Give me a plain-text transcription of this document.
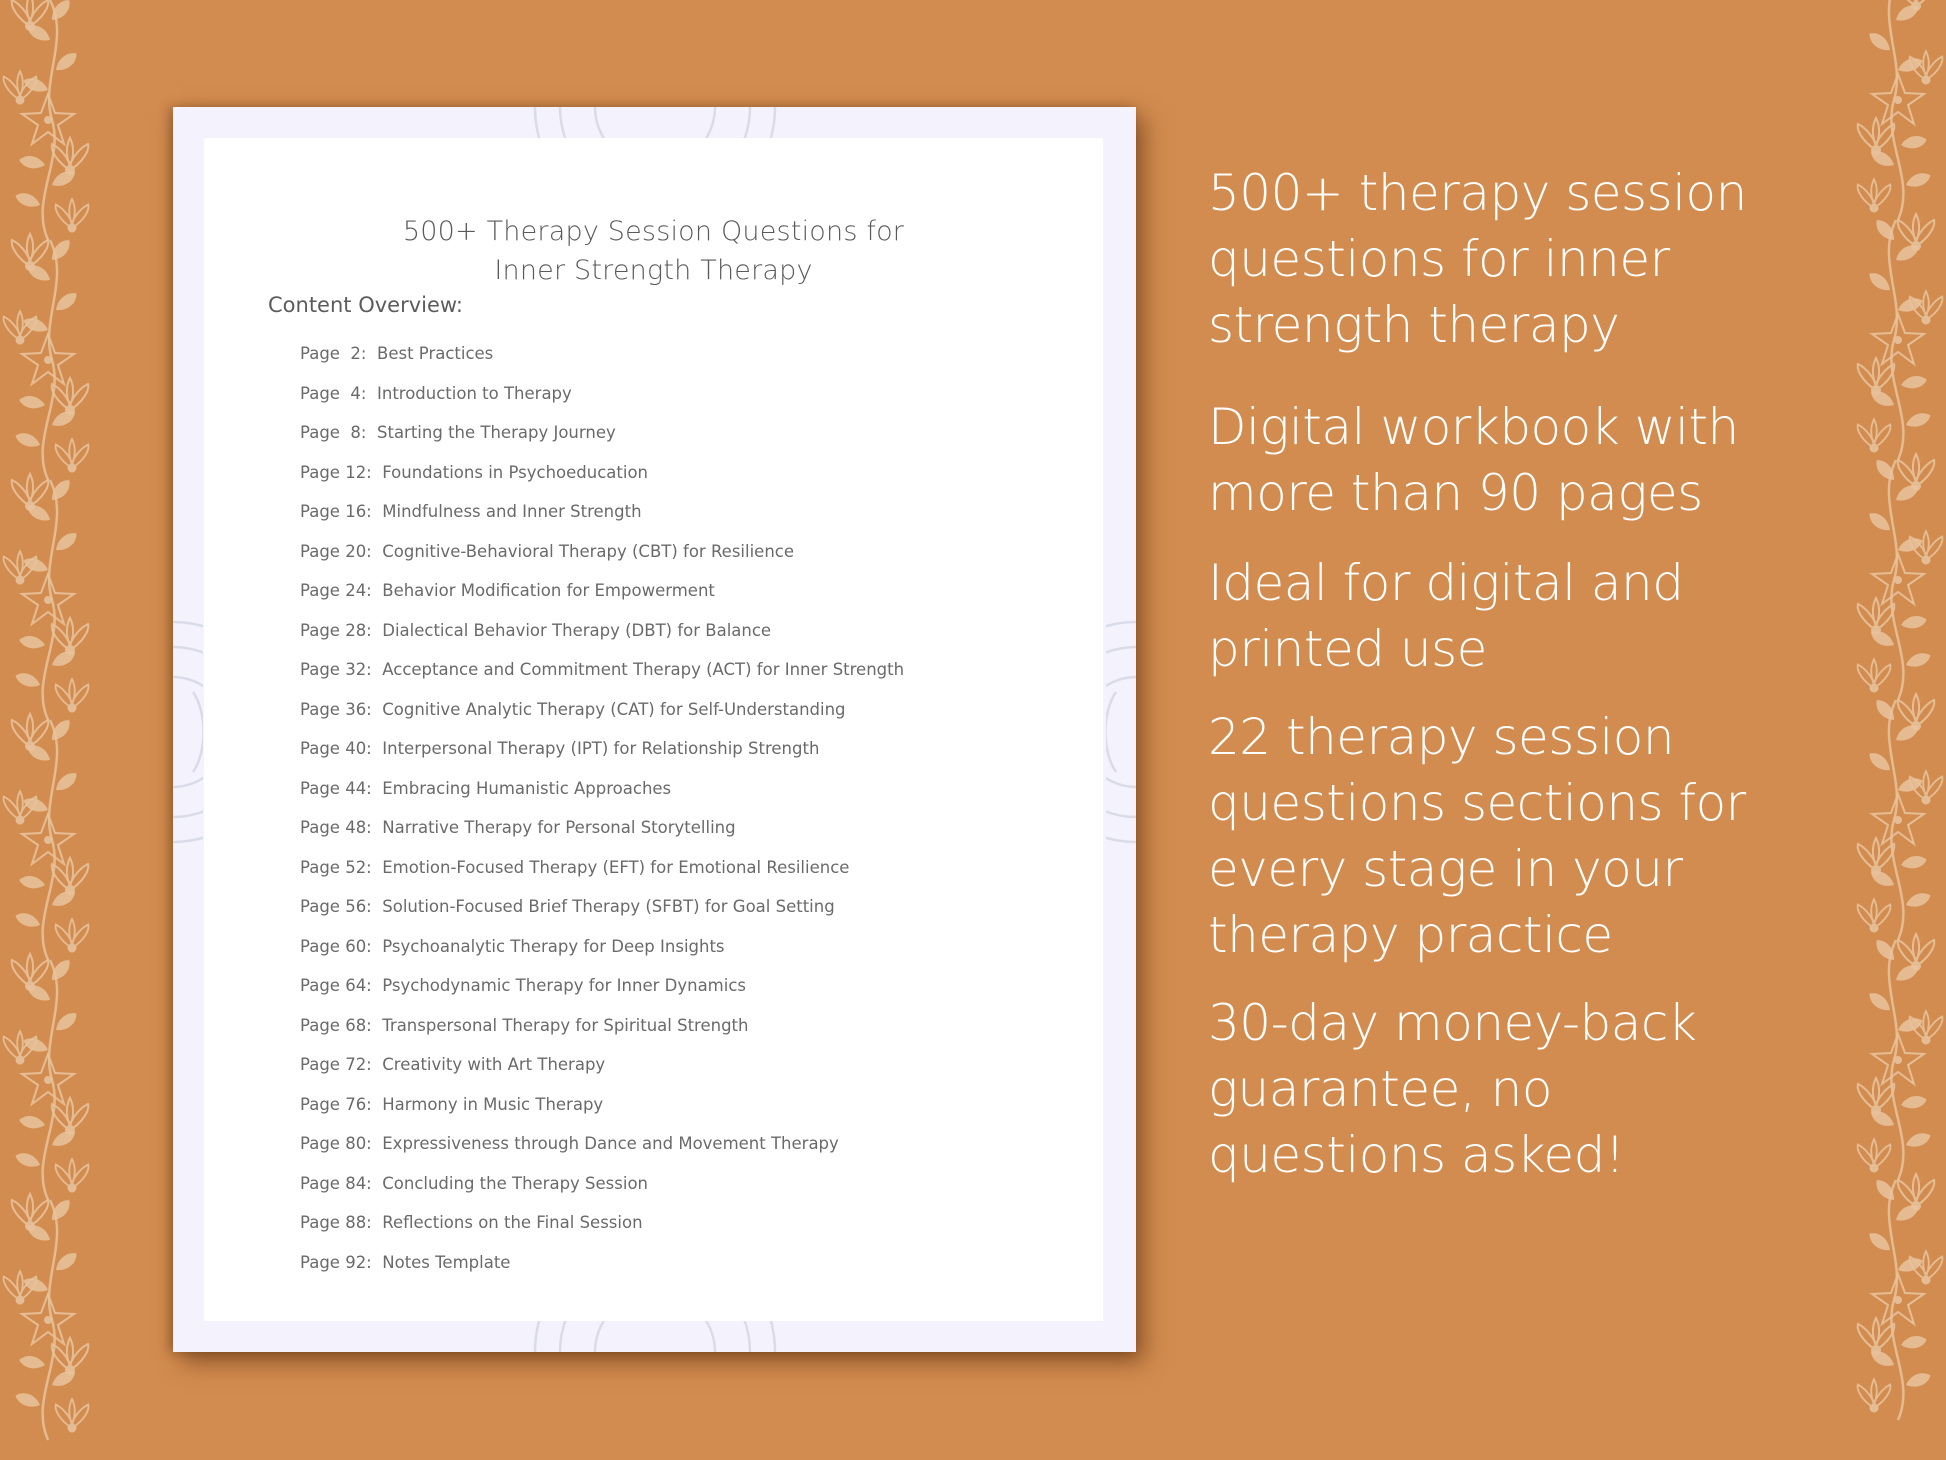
500+ Therapy Session Questions for
Inner Strength Therapy
Content Overview:
Page  2: Best Practices
Page  4: Introduction to Therapy
Page  8: Starting the Therapy Journey
Page 12: Foundations in Psychoeducation
Page 16: Mindfulness and Inner Strength
Page 20: Cognitive-Behavioral Therapy (CBT) for Resilience
Page 24: Behavior Modification for Empowerment
Page 28: Dialectical Behavior Therapy (DBT) for Balance
Page 32: Acceptance and Commitment Therapy (ACT) for Inner Strength
Page 36: Cognitive Analytic Therapy (CAT) for Self-Understanding
Page 40: Interpersonal Therapy (IPT) for Relationship Strength
Page 44: Embracing Humanistic Approaches
Page 48: Narrative Therapy for Personal Storytelling
Page 52: Emotion-Focused Therapy (EFT) for Emotional Resilience
Page 56: Solution-Focused Brief Therapy (SFBT) for Goal Setting
Page 60: Psychoanalytic Therapy for Deep Insights
Page 64: Psychodynamic Therapy for Inner Dynamics
Page 68: Transpersonal Therapy for Spiritual Strength
Page 72: Creativity with Art Therapy
Page 76: Harmony in Music Therapy
Page 80: Expressiveness through Dance and Movement Therapy
Page 84: Concluding the Therapy Session
Page 88: Reflections on the Final Session
Page 92: Notes Template
500+ therapy session
questions for inner
strength therapy
Digital workbook with
more than 90 pages
Ideal for digital and
printed use
22 therapy session
questions sections for
every stage in your
therapy practice
30-day money-back
guarantee, no
questions asked!
